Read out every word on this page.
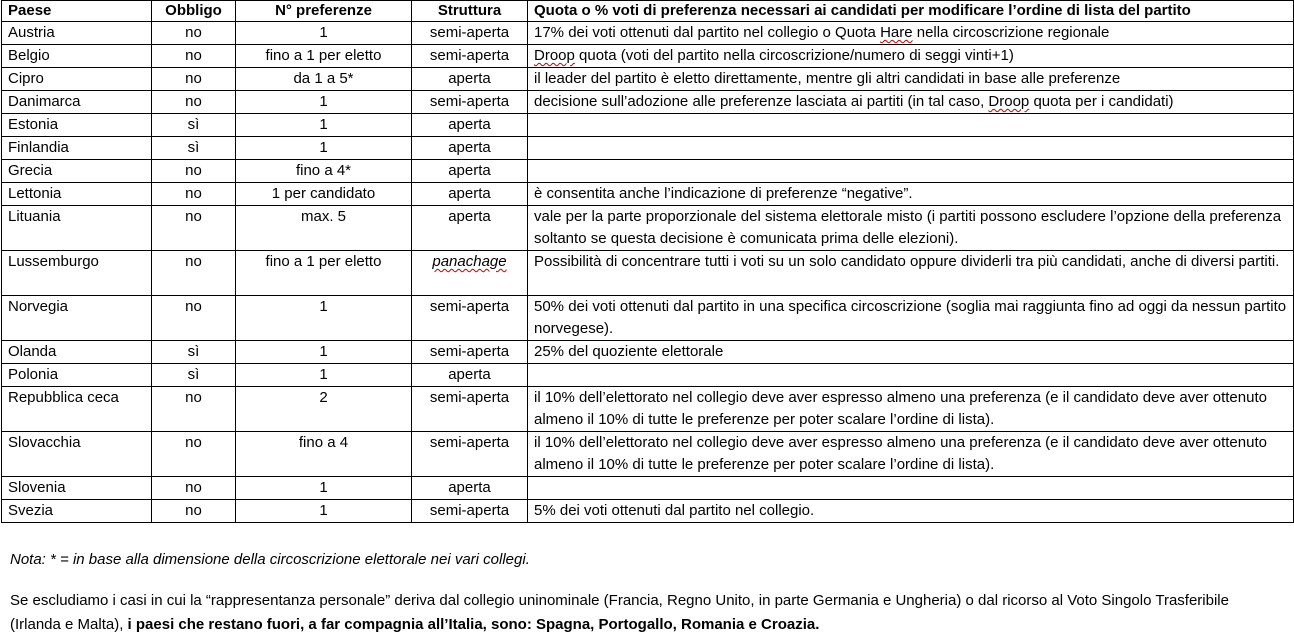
Paese	Obbligo	N° preferenze	Struttura	Quota o % voti di preferenza necessari ai candidati per modificare l’ordine di lista del partito
Austria	no	1	semi-aperta	17% dei voti ottenuti dal partito nel collegio o Quota Hare nella circoscrizione regionale
Belgio	no	fino a 1 per eletto	semi-aperta	Droop quota (voti del partito nella circoscrizione/numero di seggi vinti+1)
Cipro	no	da 1 a 5*	aperta	il leader del partito è eletto direttamente, mentre gli altri candidati in base alle preferenze
Danimarca	no	1	semi-aperta	decisione sull’adozione alle preferenze lasciata ai partiti (in tal caso, Droop quota per i candidati)
Estonia	sì	1	aperta	
Finlandia	sì	1	aperta	
Grecia	no	fino a 4*	aperta	
Lettonia	no	1 per candidato	aperta	è consentita anche l’indicazione di preferenze “negative”.
Lituania	no	max. 5	aperta	vale per la parte proporzionale del sistema elettorale misto (i partiti possono escludere l’opzione della preferenza soltanto se questa decisione è comunicata prima delle elezioni).
Lussemburgo	no	fino a 1 per eletto	panachage	Possibilità di concentrare tutti i voti su un solo candidato oppure dividerli tra più candidati, anche di diversi partiti.
Norvegia	no	1	semi-aperta	50% dei voti ottenuti dal partito in una specifica circoscrizione (soglia mai raggiunta fino ad oggi da nessun partito norvegese).
Olanda	sì	1	semi-aperta	25% del quoziente elettorale
Polonia	sì	1	aperta	
Repubblica ceca	no	2	semi-aperta	il 10% dell’elettorato nel collegio deve aver espresso almeno una preferenza (e il candidato deve aver ottenuto almeno il 10% di tutte le preferenze per poter scalare l’ordine di lista).
Slovacchia	no	fino a 4	semi-aperta	il 10% dell’elettorato nel collegio deve aver espresso almeno una preferenza (e il candidato deve aver ottenuto almeno il 10% di tutte le preferenze per poter scalare l’ordine di lista).
Slovenia	no	1	aperta	
Svezia	no	1	semi-aperta	5% dei voti ottenuti dal partito nel collegio.
Nota: * = in base alla dimensione della circoscrizione elettorale nei vari collegi.

Se escludiamo i casi in cui la “rappresentanza personale” deriva dal collegio uninominale (Francia, Regno Unito, in parte Germania e Ungheria) o dal ricorso al Voto Singolo Trasferibile (Irlanda e Malta), i paesi che restano fuori, a far compagnia all’Italia, sono: Spagna, Portogallo, Romania e Croazia.
